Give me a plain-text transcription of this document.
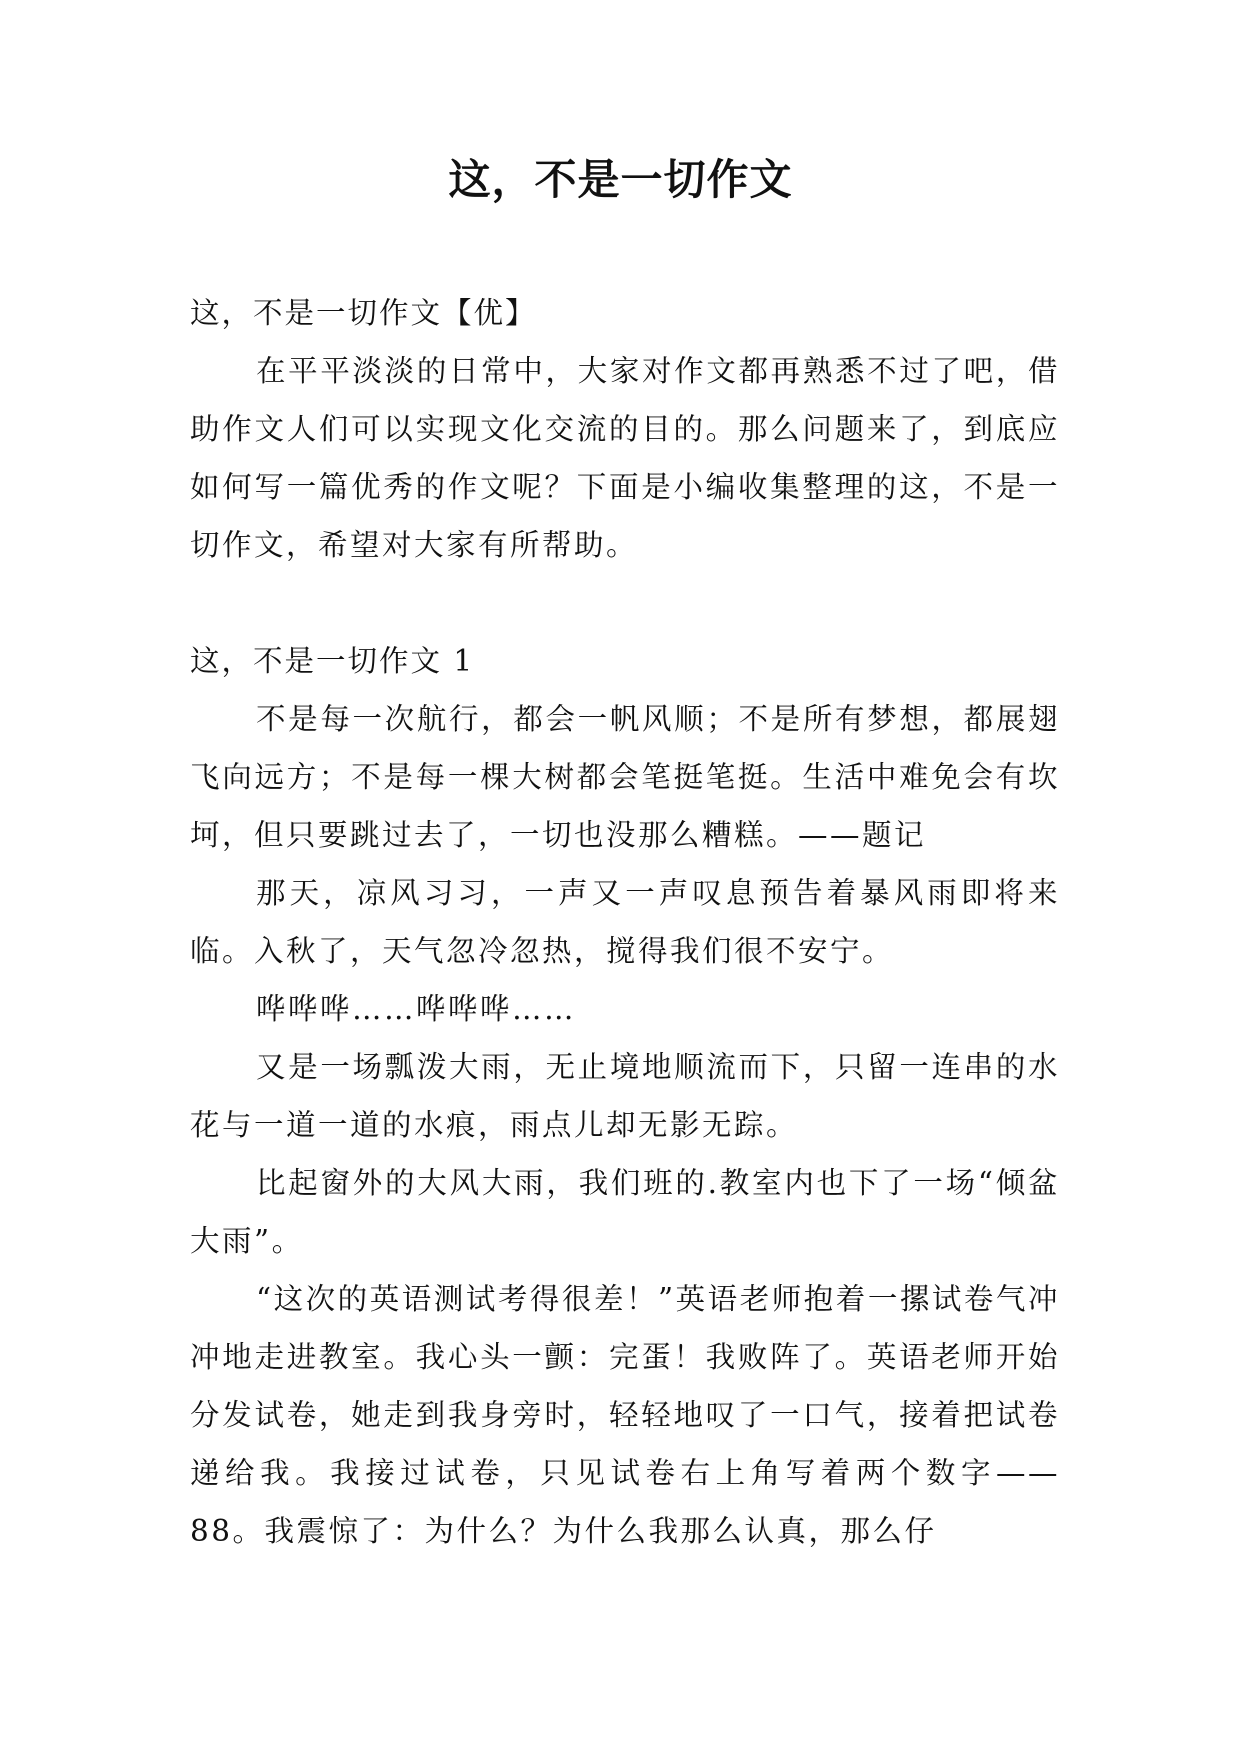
这，不是一切作文

这，不是一切作文【优】

在平平淡淡的日常中，大家对作文都再熟悉不过了吧，借助作文人们可以实现文化交流的目的。那么问题来了，到底应如何写一篇优秀的作文呢？下面是小编收集整理的这，不是一切作文，希望对大家有所帮助。

这，不是一切作文 1

不是每一次航行，都会一帆风顺；不是所有梦想，都展翅飞向远方；不是每一棵大树都会笔挺笔挺。生活中难免会有坎坷，但只要跳过去了，一切也没那么糟糕。——题记

那天，凉风习习，一声又一声叹息预告着暴风雨即将来临。入秋了，天气忽冷忽热，搅得我们很不安宁。

哗哗哗……哗哗哗……

又是一场瓢泼大雨，无止境地顺流而下，只留一连串的水花与一道一道的水痕，雨点儿却无影无踪。

比起窗外的大风大雨，我们班的.教室内也下了一场“倾盆大雨”。

“这次的英语测试考得很差！”英语老师抱着一摞试卷气冲冲地走进教室。我心头一颤：完蛋！我败阵了。英语老师开始分发试卷，她走到我身旁时，轻轻地叹了一口气，接着把试卷递给我。我接过试卷，只见试卷右上角写着两个数字——88。我震惊了：为什么？为什么我那么认真，那么仔
